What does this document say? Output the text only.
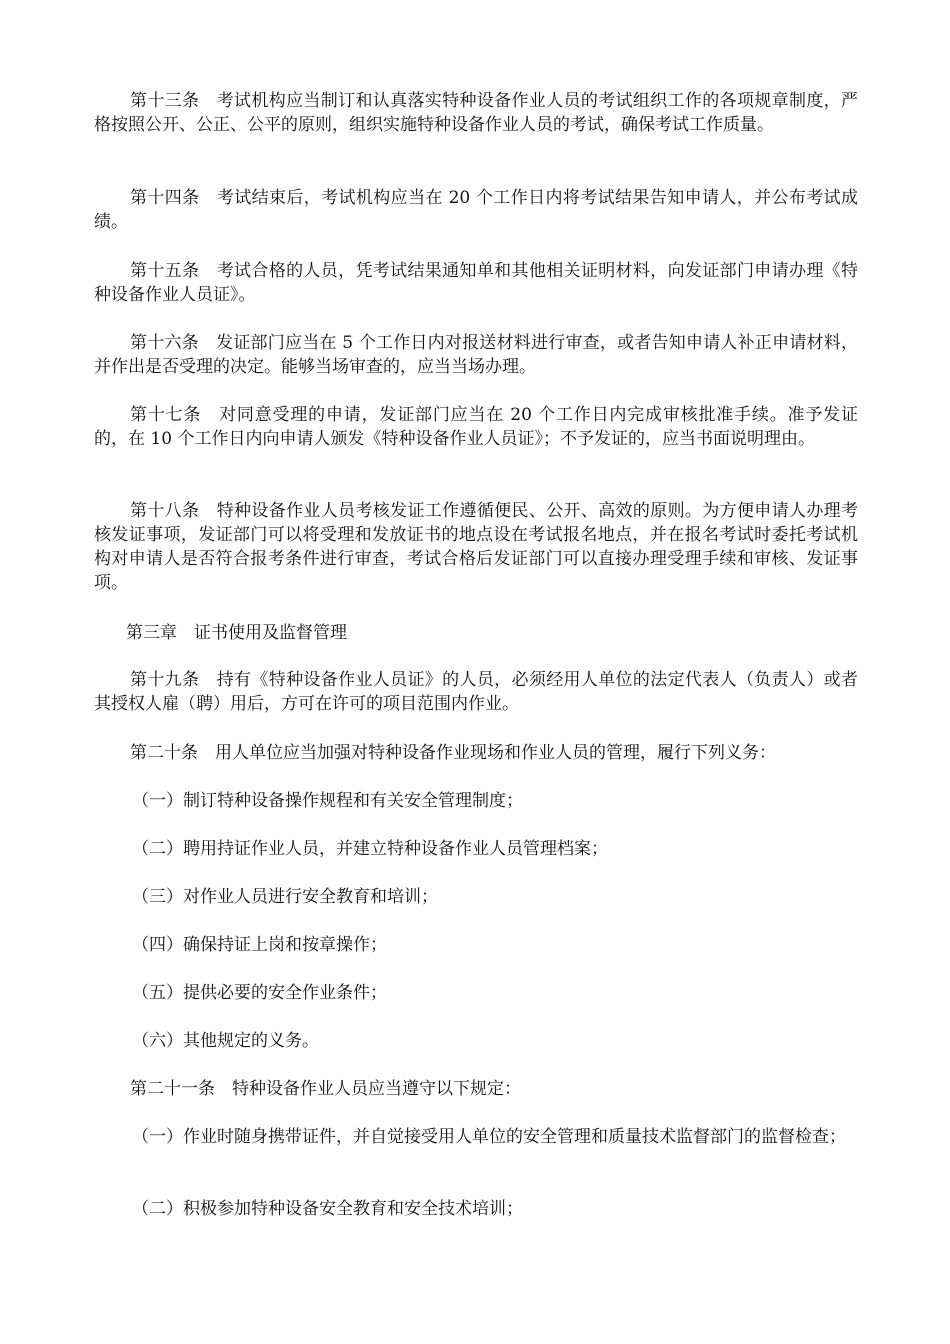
第十三条　考试机构应当制订和认真落实特种设备作业人员的考试组织工作的各项规章制度，严格按照公开、公正、公平的原则，组织实施特种设备作业人员的考试，确保考试工作质量。

第十四条　考试结束后，考试机构应当在 20 个工作日内将考试结果告知申请人，并公布考试成绩。

第十五条　考试合格的人员，凭考试结果通知单和其他相关证明材料，向发证部门申请办理《特种设备作业人员证》。

第十六条　发证部门应当在 5 个工作日内对报送材料进行审查，或者告知申请人补正申请材料，并作出是否受理的决定。能够当场审查的，应当当场办理。

第十七条　对同意受理的申请，发证部门应当在 20 个工作日内完成审核批准手续。准予发证的，在 10 个工作日内向申请人颁发《特种设备作业人员证》；不予发证的，应当书面说明理由。

第十八条　特种设备作业人员考核发证工作遵循便民、公开、高效的原则。为方便申请人办理考核发证事项，发证部门可以将受理和发放证书的地点设在考试报名地点，并在报名考试时委托考试机构对申请人是否符合报考条件进行审查，考试合格后发证部门可以直接办理受理手续和审核、发证事项。

第三章　证书使用及监督管理

第十九条　持有《特种设备作业人员证》的人员，必须经用人单位的法定代表人（负责人）或者其授权人雇（聘）用后，方可在许可的项目范围内作业。

第二十条　用人单位应当加强对特种设备作业现场和作业人员的管理，履行下列义务：

（一）制订特种设备操作规程和有关安全管理制度；

（二）聘用持证作业人员，并建立特种设备作业人员管理档案；

（三）对作业人员进行安全教育和培训；

（四）确保持证上岗和按章操作；

（五）提供必要的安全作业条件；

（六）其他规定的义务。

第二十一条　特种设备作业人员应当遵守以下规定：

（一）作业时随身携带证件，并自觉接受用人单位的安全管理和质量技术监督部门的监督检查；

（二）积极参加特种设备安全教育和安全技术培训；
